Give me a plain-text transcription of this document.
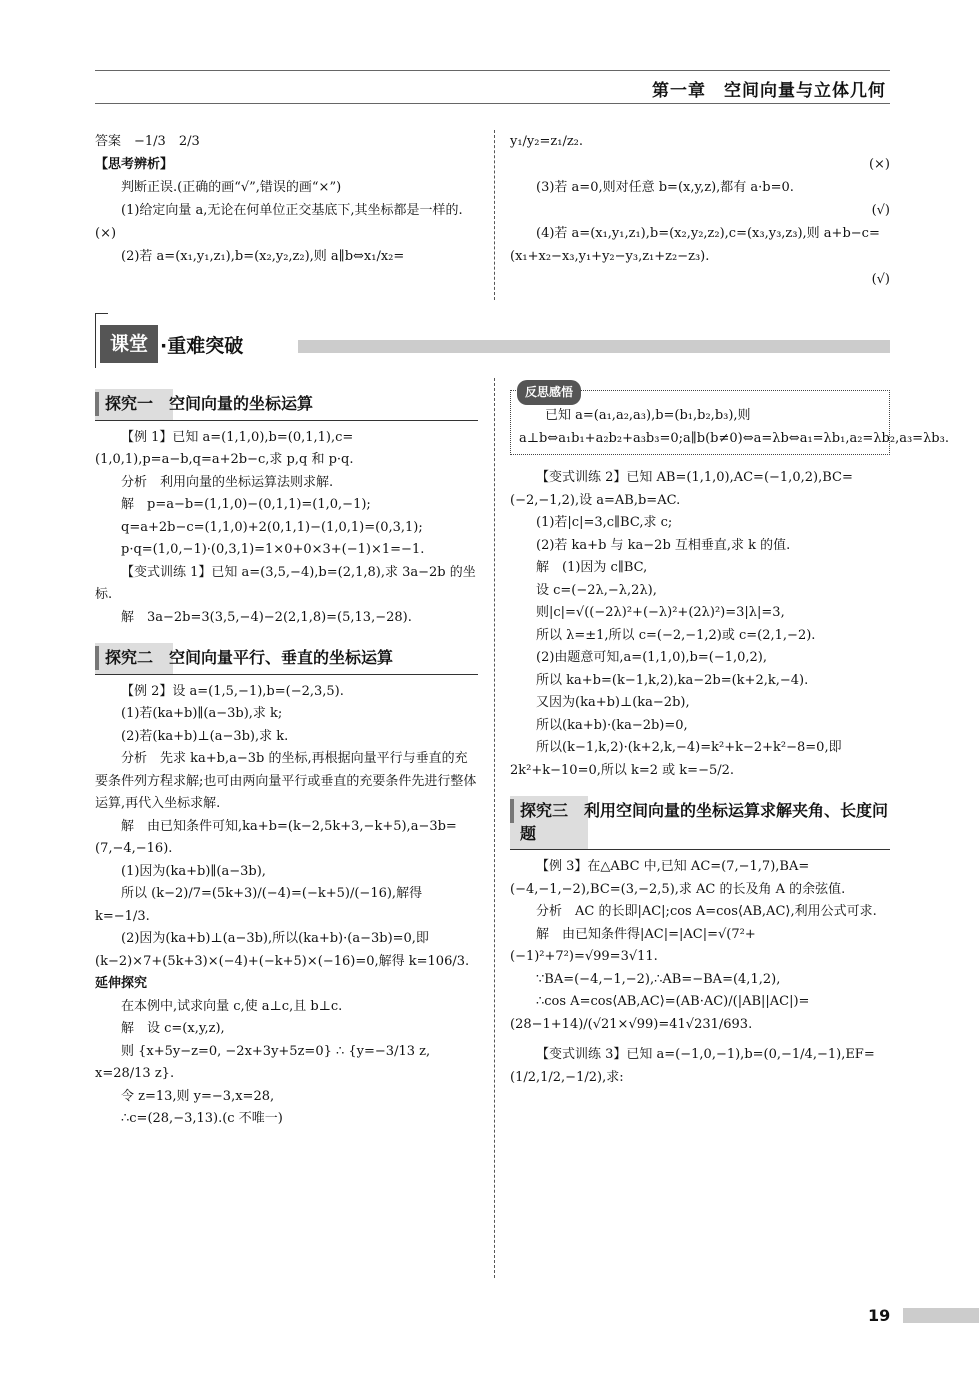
第一章　空间向量与立体几何

答案　−1/3　2/3

【思考辨析】

判断正误.(正确的画“√”,错误的画“×”)

(1)给定向量 a,无论在何单位正交基底下,其坐标都是一样的.　　　　　　　　　　(×)

(2)若 a=(x₁,y₁,z₁),b=(x₂,y₂,z₂),则 a∥b⇔x₁/x₂=

y₁/y₂=z₁/z₂.

(×)

(3)若 a=0,则对任意 b=(x,y,z),都有 a·b=0.

(√)

(4)若 a=(x₁,y₁,z₁),b=(x₂,y₂,z₂),c=(x₃,y₃,z₃),则 a+b−c=(x₁+x₂−x₃,y₁+y₂−y₃,z₁+z₂−z₃).

(√)

课堂 ·重难突破
探究一　空间向量的坐标运算

【例 1】已知 a=(1,1,0),b=(0,1,1),c=(1,0,1),p=a−b,q=a+2b−c,求 p,q 和 p·q.

分析　利用向量的坐标运算法则求解.

解　p=a−b=(1,1,0)−(0,1,1)=(1,0,−1);

q=a+2b−c=(1,1,0)+2(0,1,1)−(1,0,1)=(0,3,1);

p·q=(1,0,−1)·(0,3,1)=1×0+0×3+(−1)×1=−1.

【变式训练 1】已知 a=(3,5,−4),b=(2,1,8),求 3a−2b 的坐标.

解　3a−2b=3(3,5,−4)−2(2,1,8)=(5,13,−28).

探究二　空间向量平行、垂直的坐标运算

【例 2】设 a=(1,5,−1),b=(−2,3,5).

(1)若(ka+b)∥(a−3b),求 k;

(2)若(ka+b)⊥(a−3b),求 k.

分析　先求 ka+b,a−3b 的坐标,再根据向量平行与垂直的充要条件列方程求解;也可由两向量平行或垂直的充要条件先进行整体运算,再代入坐标求解.

解　由已知条件可知,ka+b=(k−2,5k+3,−k+5),a−3b=(7,−4,−16).

(1)因为(ka+b)∥(a−3b),

所以 (k−2)/7=(5k+3)/(−4)=(−k+5)/(−16),解得 k=−1/3.

(2)因为(ka+b)⊥(a−3b),所以(ka+b)·(a−3b)=0,即(k−2)×7+(5k+3)×(−4)+(−k+5)×(−16)=0,解得 k=106/3.

延伸探究

在本例中,试求向量 c,使 a⊥c,且 b⊥c.

解　设 c=(x,y,z),

则 {x+5y−z=0, −2x+3y+5z=0} ∴ {y=−3/13 z, x=28/13 z}.

令 z=13,则 y=−3,x=28,

∴c=(28,−3,13).(c 不唯一)

反思感悟

已知 a=(a₁,a₂,a₃),b=(b₁,b₂,b₃),则 a⊥b⇔a₁b₁+a₂b₂+a₃b₃=0;a∥b(b≠0)⇔a=λb⇔a₁=λb₁,a₂=λb₂,a₃=λb₃.

【变式训练 2】已知 AB=(1,1,0),AC=(−1,0,2),BC=(−2,−1,2),设 a=AB,b=AC.

(1)若|c|=3,c∥BC,求 c;

(2)若 ka+b 与 ka−2b 互相垂直,求 k 的值.

解　(1)因为 c∥BC,

设 c=(−2λ,−λ,2λ),

则|c|=√((−2λ)²+(−λ)²+(2λ)²)=3|λ|=3,

所以 λ=±1,所以 c=(−2,−1,2)或 c=(2,1,−2).

(2)由题意可知,a=(1,1,0),b=(−1,0,2),

所以 ka+b=(k−1,k,2),ka−2b=(k+2,k,−4).

又因为(ka+b)⊥(ka−2b),

所以(ka+b)·(ka−2b)=0,

所以(k−1,k,2)·(k+2,k,−4)=k²+k−2+k²−8=0,即 2k²+k−10=0,所以 k=2 或 k=−5/2.

探究三　利用空间向量的坐标运算求解夹角、长度问题

【例 3】在△ABC 中,已知 AC=(7,−1,7),BA=(−4,−1,−2),BC=(3,−2,5),求 AC 的长及角 A 的余弦值.

分析　AC 的长即|AC|;cos A=cos⟨AB,AC⟩,利用公式可求.

解　由已知条件得|AC|=|AC|=√(7²+(−1)²+7²)=√99=3√11.

∵BA=(−4,−1,−2),∴AB=−BA=(4,1,2),

∴cos A=cos⟨AB,AC⟩=(AB·AC)/(|AB||AC|)=(28−1+14)/(√21×√99)=41√231/693.

【变式训练 3】已知 a=(−1,0,−1),b=(0,−1/4,−1),EF=(1/2,1/2,−1/2),求:

19
